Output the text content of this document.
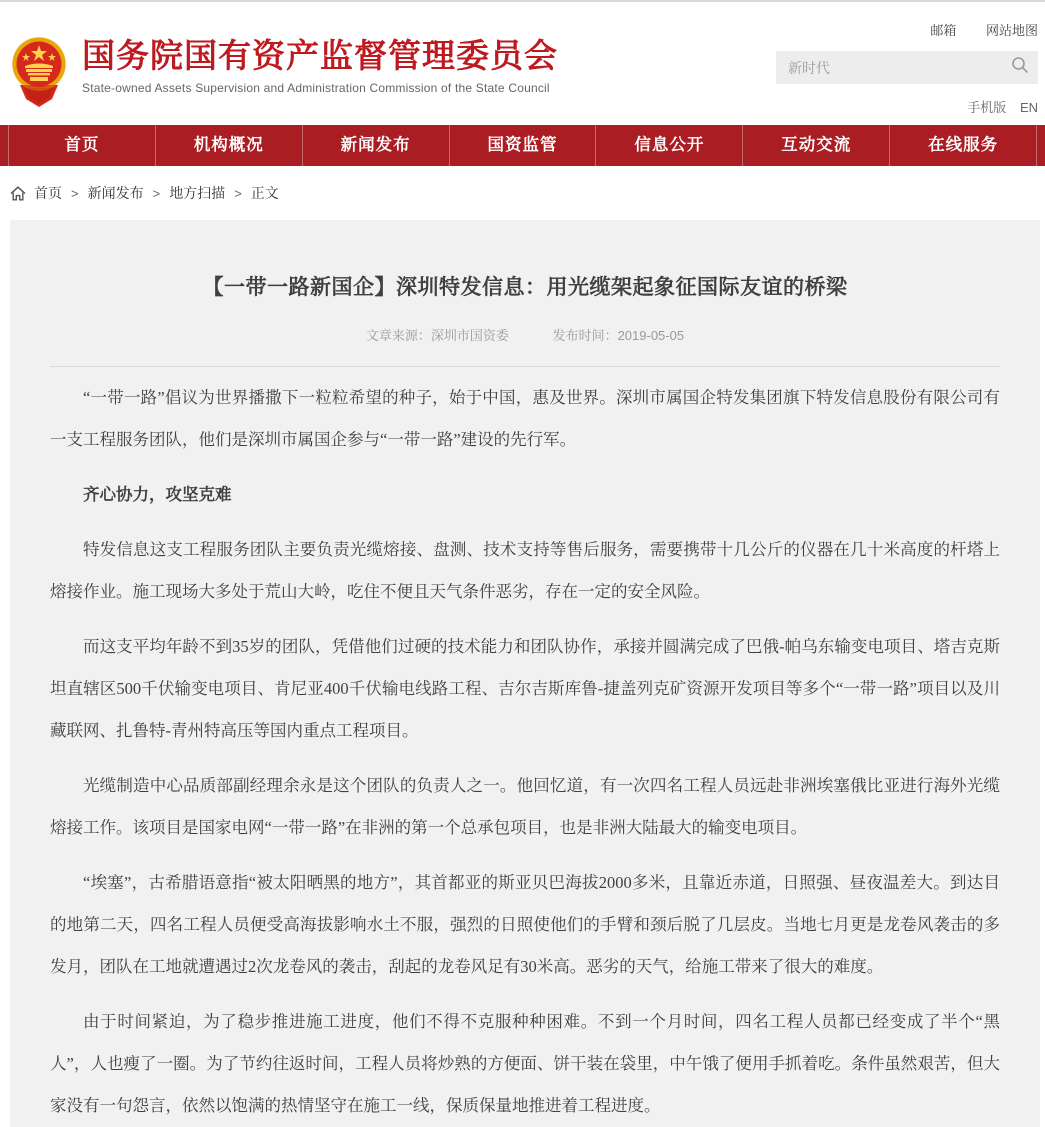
国务院国有资产监督管理委员会
State-owned Assets Supervision and Administration Commission of the State Council
邮箱 网站地图
新时代
手机版 EN
首页	机构概况	新闻发布	国资监管	信息公开	互动交流	在线服务
首页 > 新闻发布 > 地方扫描 > 正文
【一带一路新国企】深圳特发信息：用光缆架起象征国际友谊的桥梁
文章来源：深圳市国资委	发布时间：2019-05-05

“一带一路”倡议为世界播撒下一粒粒希望的种子，始于中国，惠及世界。深圳市属国企特发集团旗下特发信息股份有限公司有一支工程服务团队，他们是深圳市属国企参与“一带一路”建设的先行军。

齐心协力，攻坚克难

特发信息这支工程服务团队主要负责光缆熔接、盘测、技术支持等售后服务，需要携带十几公斤的仪器在几十米高度的杆塔上熔接作业。施工现场大多处于荒山大岭，吃住不便且天气条件恶劣，存在一定的安全风险。

而这支平均年龄不到35岁的团队，凭借他们过硬的技术能力和团队协作，承接并圆满完成了巴俄-帕乌东输变电项目、塔吉克斯坦直辖区500千伏输变电项目、肯尼亚400千伏输电线路工程、吉尔吉斯库鲁-捷盖列克矿资源开发项目等多个“一带一路”项目以及川藏联网、扎鲁特-青州特高压等国内重点工程项目。

光缆制造中心品质部副经理余永是这个团队的负责人之一。他回忆道，有一次四名工程人员远赴非洲埃塞俄比亚进行海外光缆熔接工作。该项目是国家电网“一带一路”在非洲的第一个总承包项目，也是非洲大陆最大的输变电项目。

“埃塞”，古希腊语意指“被太阳晒黑的地方”，其首都亚的斯亚贝巴海拔2000多米，且靠近赤道，日照强、昼夜温差大。到达目的地第二天，四名工程人员便受高海拔影响水土不服，强烈的日照使他们的手臂和颈后脱了几层皮。当地七月更是龙卷风袭击的多发月，团队在工地就遭遇过2次龙卷风的袭击，刮起的龙卷风足有30米高。恶劣的天气，给施工带来了很大的难度。

由于时间紧迫，为了稳步推进施工进度，他们不得不克服种种困难。不到一个月时间，四名工程人员都已经变成了半个“黑人”，人也瘦了一圈。为了节约往返时间，工程人员将炒熟的方便面、饼干装在袋里，中午饿了便用手抓着吃。条件虽然艰苦，但大家没有一句怨言，依然以饱满的热情坚守在施工一线，保质保量地推进着工程进度。
